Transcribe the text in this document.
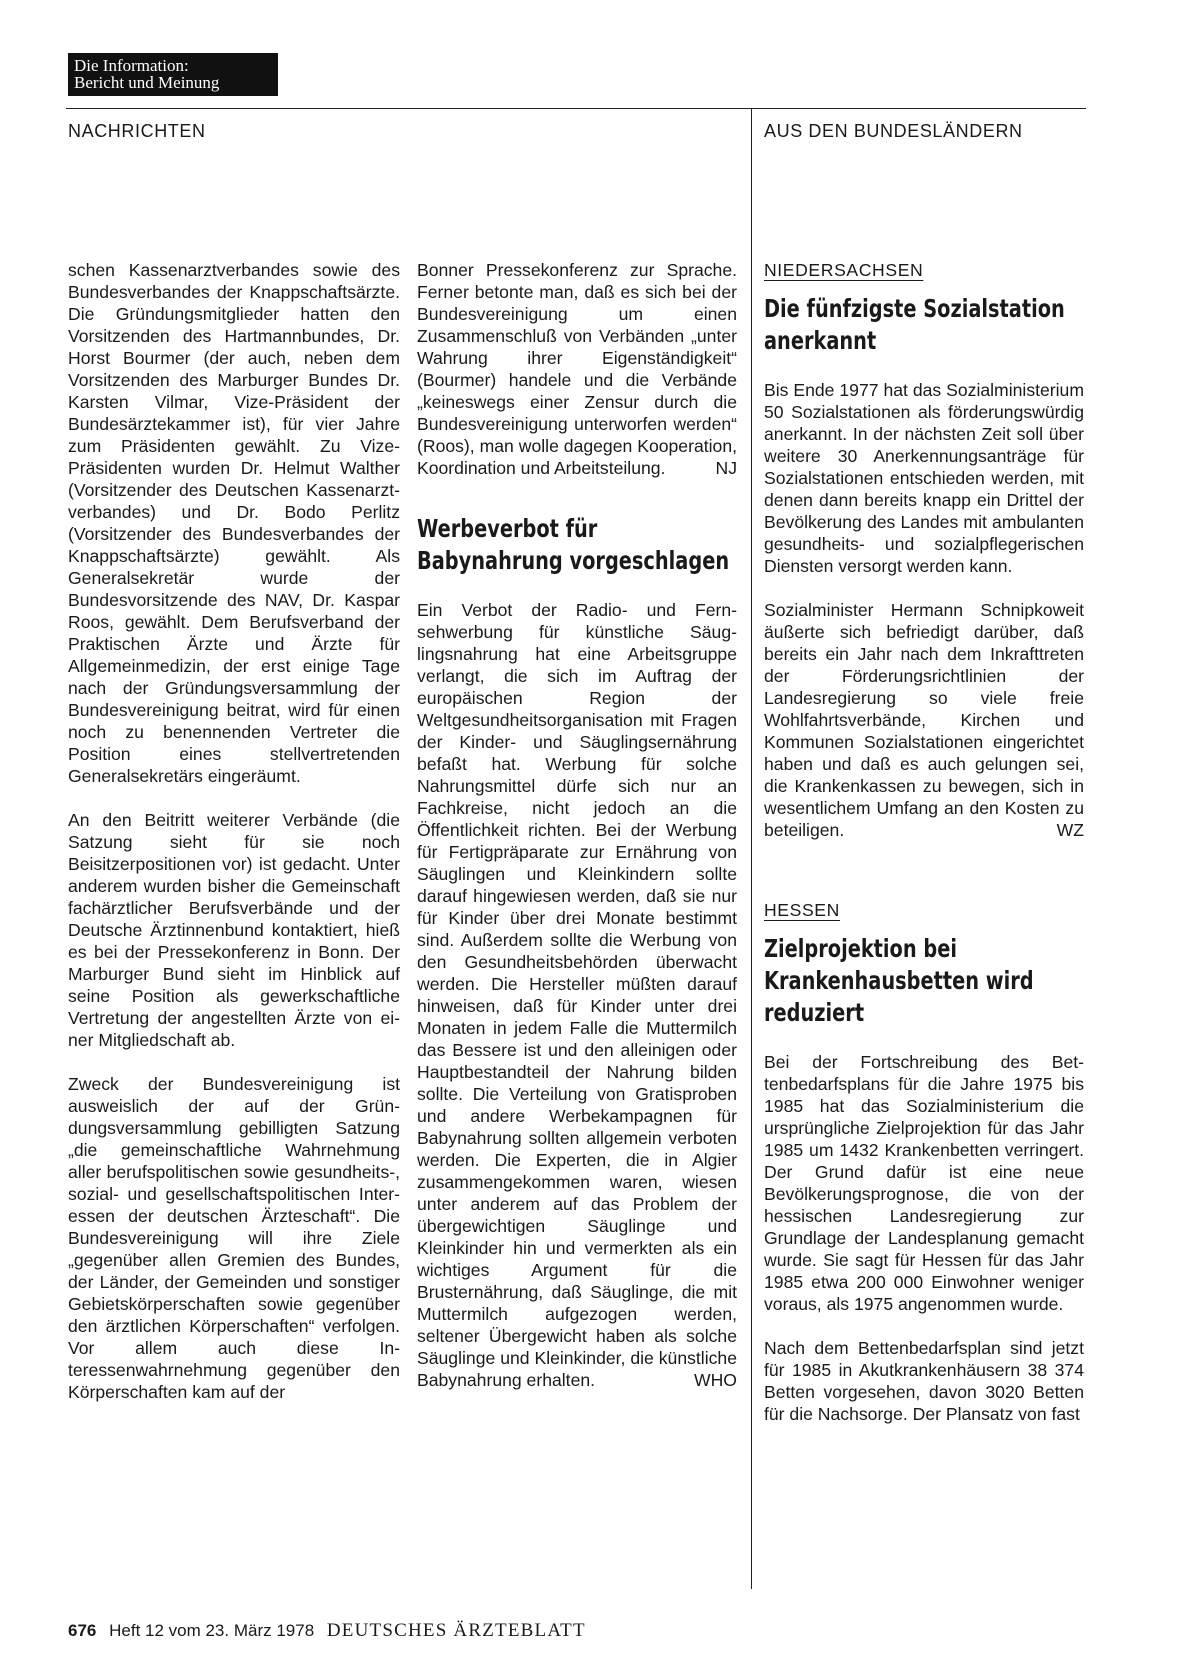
Die Information:
Bericht und Meinung
NACHRICHTEN	AUS DEN BUNDESLÄNDERN

schen Kassenarztverbandes sowie des Bundesverbandes der Knappschaftsärzte. Die Gründungsmitglieder hatten den Vorsitzenden des Hartmannbundes, Dr. Horst Bourmer (der auch, neben dem Vorsitzenden des Marburger Bundes Dr. Karsten Vilmar, Vize-Präsident der Bundesärztekammer ist), für vier Jahre zum Präsidenten gewählt. Zu Vize-Präsidenten wurden Dr. Helmut Walther (Vorsitzender des Deutschen Kassenarztverbandes) und Dr. Bodo Perlitz (Vorsitzender des Bundesverbandes der Knappschaftsärzte) gewählt. Als Generalsekretär wurde der Bundesvorsitzende des NAV, Dr. Kaspar Roos, gewählt. Dem Berufsverband der Praktischen Ärzte und Ärzte für Allgemeinmedizin, der erst einige Tage nach der Gründungsversammlung der Bundesvereinigung beitrat, wird für einen noch zu benennenden Vertreter die Position eines stellvertretenden Generalsekretärs eingeräumt.

An den Beitritt weiterer Verbände (die Satzung sieht für sie noch Beisitzerpositionen vor) ist gedacht. Unter anderem wurden bisher die Gemeinschaft fachärztlicher Berufsverbände und der Deutsche Ärztinnenbund kontaktiert, hieß es bei der Pressekonferenz in Bonn. Der Marburger Bund sieht im Hinblick auf seine Position als gewerkschaftliche Vertretung der angestellten Ärzte von einer Mitgliedschaft ab.

Zweck der Bundesvereinigung ist ausweislich der auf der Gründungsversammlung gebilligten Satzung „die gemeinschaftliche Wahrnehmung aller berufspolitischen sowie gesundheits-, sozial- und gesellschaftspolitischen Interessen der deutschen Ärzteschaft“. Die Bundesvereinigung will ihre Ziele „gegenüber allen Gremien des Bundes, der Länder, der Gemeinden und sonstiger Gebietskörperschaften sowie gegenüber den ärztlichen Körperschaften“ verfolgen. Vor allem auch diese Interessenwahrnehmung gegenüber den Körperschaften kam auf der

Bonner Pressekonferenz zur Sprache. Ferner betonte man, daß es sich bei der Bundesvereinigung um einen Zusammenschluß von Verbänden „unter Wahrung ihrer Eigenständigkeit“ (Bourmer) handele und die Verbände „keineswegs einer Zensur durch die Bundesvereinigung unterworfen werden“ (Roos), man wolle dagegen Kooperation, Koordination und Arbeitsteilung.	NJ

Werbeverbot für Babynahrung vorgeschlagen

Ein Verbot der Radio- und Fernsehwerbung für künstliche Säuglingsnahrung hat eine Arbeitsgruppe verlangt, die sich im Auftrag der europäischen Region der Weltgesundheitsorganisation mit Fragen der Kinder- und Säuglingsernährung befaßt hat. Werbung für solche Nahrungsmittel dürfe sich nur an Fachkreise, nicht jedoch an die Öffentlichkeit richten. Bei der Werbung für Fertigpräparate zur Ernährung von Säuglingen und Kleinkindern sollte darauf hingewiesen werden, daß sie nur für Kinder über drei Monate bestimmt sind. Außerdem sollte die Werbung von den Gesundheitsbehörden überwacht werden. Die Hersteller müßten darauf hinweisen, daß für Kinder unter drei Monaten in jedem Falle die Muttermilch das Bessere ist und den alleinigen oder Hauptbestandteil der Nahrung bilden sollte. Die Verteilung von Gratisproben und andere Werbekampagnen für Babynahrung sollten allgemein verboten werden. Die Experten, die in Algier zusammengekommen waren, wiesen unter anderem auf das Problem der übergewichtigen Säuglinge und Kleinkinder hin und vermerkten als ein wichtiges Argument für die Brusternährung, daß Säuglinge, die mit Muttermilch aufgezogen werden, seltener Übergewicht haben als solche Säuglinge und Kleinkinder, die künstliche Babynahrung erhalten.	WHO

NIEDERSACHSEN
Die fünfzigste Sozialstation anerkannt

Bis Ende 1977 hat das Sozialministerium 50 Sozialstationen als förderungswürdig anerkannt. In der nächsten Zeit soll über weitere 30 Anerkennungsanträge für Sozialstationen entschieden werden, mit denen dann bereits knapp ein Drittel der Bevölkerung des Landes mit ambulanten gesundheits- und sozialpflegerischen Diensten versorgt werden kann.

Sozialminister Hermann Schnipkoweit äußerte sich befriedigt darüber, daß bereits ein Jahr nach dem Inkrafttreten der Förderungsrichtlinien der Landesregierung so viele freie Wohlfahrtsverbände, Kirchen und Kommunen Sozialstationen eingerichtet haben und daß es auch gelungen sei, die Krankenkassen zu bewegen, sich in wesentlichem Umfang an den Kosten zu beteiligen.	WZ

HESSEN
Zielprojektion bei Krankenhausbetten wird reduziert

Bei der Fortschreibung des Bettenbedarfsplans für die Jahre 1975 bis 1985 hat das Sozialministerium die ursprüngliche Zielprojektion für das Jahr 1985 um 1432 Krankenbetten verringert. Der Grund dafür ist eine neue Bevölkerungsprognose, die von der hessischen Landesregierung zur Grundlage der Landesplanung gemacht wurde. Sie sagt für Hessen für das Jahr 1985 etwa 200 000 Einwohner weniger voraus, als 1975 angenommen wurde.

Nach dem Bettenbedarfsplan sind jetzt für 1985 in Akutkrankenhäusern 38 374 Betten vorgesehen, davon 3020 Betten für die Nachsorge. Der Plansatz von fast

676 Heft 12 vom 23. März 1978 DEUTSCHES ÄRZTEBLATT
